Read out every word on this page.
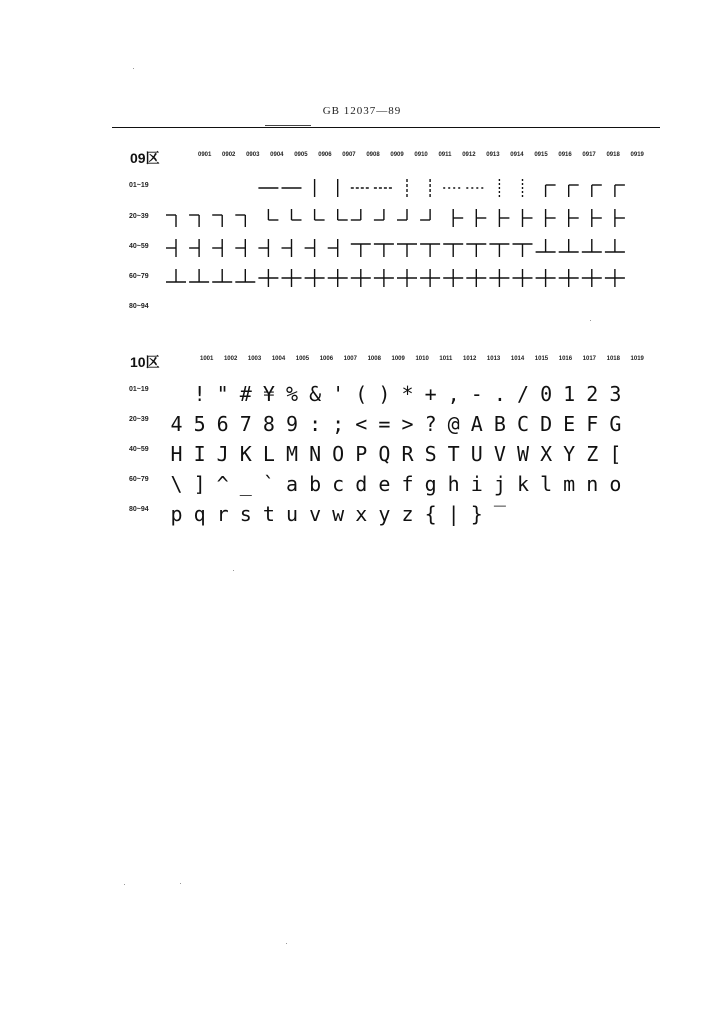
GB 12037—89
09区	0901 0902 0903 0904 0905 0906 0907 0908 0909 0910 0911 0912 0913 0914 0915 0916 0917 0918 0919
01~19
20~39
40~59
60~79
80~94
10区	1001 1002 1003 1004 1005 1006 1007 1008 1009 1010 1011 1012 1013 1014 1015 1016 1017 1018 1019
01~19
20~39
40~59
60~79
80~94
! " # ¥ % & ' ( ) * + , - . / 0 1 2 3
4 5 6 7 8 9 : ; < = > ? @ A B C D E F G
H I J K L M N O P Q R S T U V W X Y Z [
\ ] ^ _ ` a b c d e f g h i j k l m n o
p q r s t u v w x y z { | } ‾
